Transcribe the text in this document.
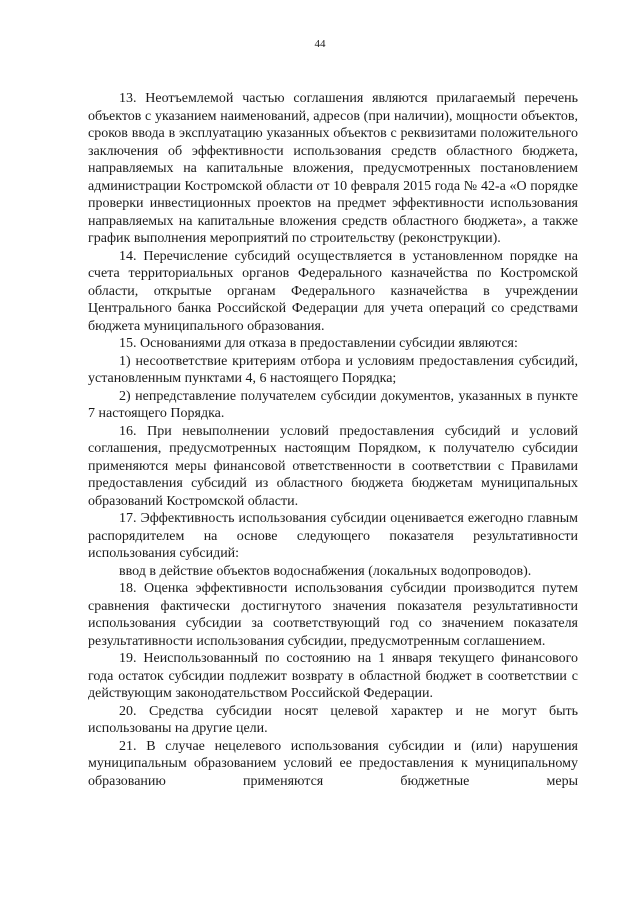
44

13. Неотъемлемой частью соглашения являются прилагаемый перечень объектов с указанием наименований, адресов (при наличии), мощности объектов, сроков ввода в эксплуатацию указанных объектов с реквизитами положительного заключения об эффективности использования средств областного бюджета, направляемых на капитальные вложения, предусмотренных постановлением администрации Костромской области от 10 февраля 2015 года № 42-а «О порядке проверки инвестиционных проектов на предмет эффективности использования направляемых на капитальные вложения средств областного бюджета», а также график выполнения мероприятий по строительству (реконструкции).

14. Перечисление субсидий осуществляется в установленном порядке на счета территориальных органов Федерального казначейства по Костромской области, открытые органам Федерального казначейства в учреждении Центрального банка Российской Федерации для учета операций со средствами бюджета муниципального образования.

15. Основаниями для отказа в предоставлении субсидии являются:

1) несоответствие критериям отбора и условиям предоставления субсидий, установленным пунктами 4, 6 настоящего Порядка;

2) непредставление получателем субсидии документов, указанных в пункте 7 настоящего Порядка.

16. При невыполнении условий предоставления субсидий и условий соглашения, предусмотренных настоящим Порядком, к получателю субсидии применяются меры финансовой ответственности в соответствии с Правилами предоставления субсидий из областного бюджета бюджетам муниципальных образований Костромской области.

17. Эффективность использования субсидии оценивается ежегодно главным распорядителем на основе следующего показателя результативности использования субсидий:

ввод в действие объектов водоснабжения (локальных водопроводов).

18. Оценка эффективности использования субсидии производится путем сравнения фактически достигнутого значения показателя результативности использования субсидии за соответствующий год со значением показателя результативности использования субсидии, предусмотренным соглашением.

19. Неиспользованный по состоянию на 1 января текущего финансового года остаток субсидии подлежит возврату в областной бюджет в соответствии с действующим законодательством Российской Федерации.

20. Средства субсидии носят целевой характер и не могут быть использованы на другие цели.

21. В случае нецелевого использования субсидии и (или) нарушения муниципальным образованием условий ее предоставления к муниципальному образованию применяются бюджетные меры
